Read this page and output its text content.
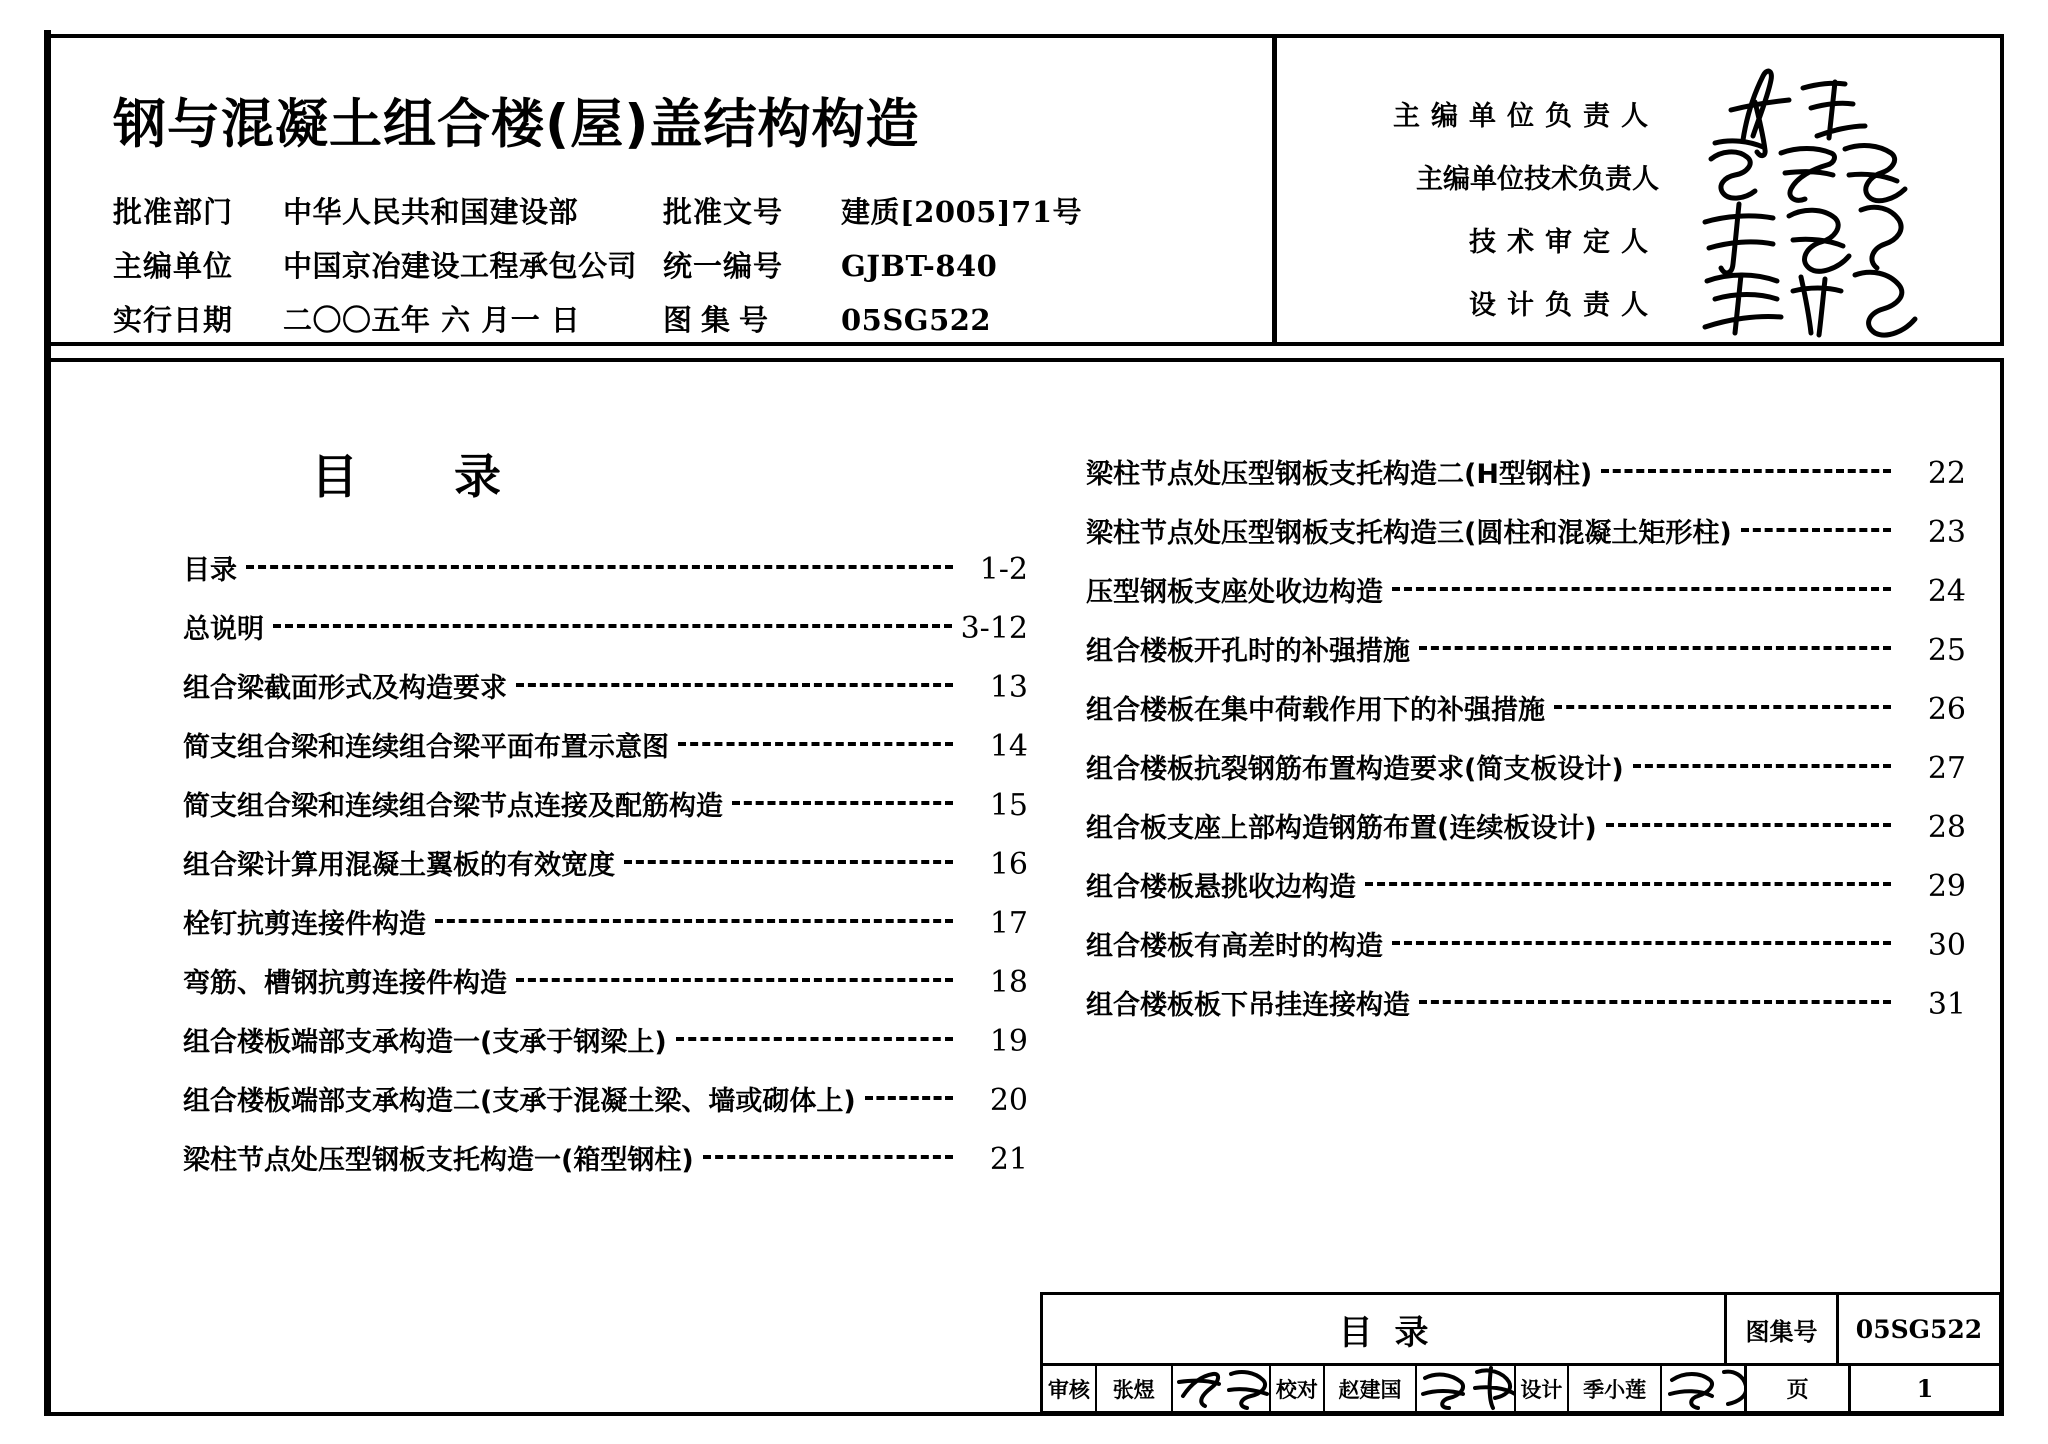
钢与混凝土组合楼(屋)盖结构构造
批准部门	中华人民共和国建设部	批准文号	建质[2005]71号
主编单位	中国京冶建设工程承包公司 统一编号	GJBT-840
实行日期	二〇〇五年 六 月一 日	图集号	05SG522
主编单位负责人
主编单位技术负责人
技术审定人
设计负责人
目录
目录	1-2
总说明	3-12
组合梁截面形式及构造要求	13
简支组合梁和连续组合梁平面布置示意图	14
简支组合梁和连续组合梁节点连接及配筋构造	15
组合梁计算用混凝土翼板的有效宽度	16
栓钉抗剪连接件构造	17
弯筋、槽钢抗剪连接件构造	18
组合楼板端部支承构造一(支承于钢梁上)	19
组合楼板端部支承构造二(支承于混凝土梁、墙或砌体上)	20
梁柱节点处压型钢板支托构造一(箱型钢柱)	21
梁柱节点处压型钢板支托构造二(H型钢柱)	22
梁柱节点处压型钢板支托构造三(圆柱和混凝土矩形柱)	23
压型钢板支座处收边构造	24
组合楼板开孔时的补强措施	25
组合楼板在集中荷载作用下的补强措施	26
组合楼板抗裂钢筋布置构造要求(简支板设计)	27
组合板支座上部构造钢筋布置(连续板设计)	28
组合楼板悬挑收边构造	29
组合楼板有高差时的构造	30
组合楼板板下吊挂连接构造	31
目录	图集号	05SG522
审核	张煜	校对 赵建国	设计 季小莲	页	1
